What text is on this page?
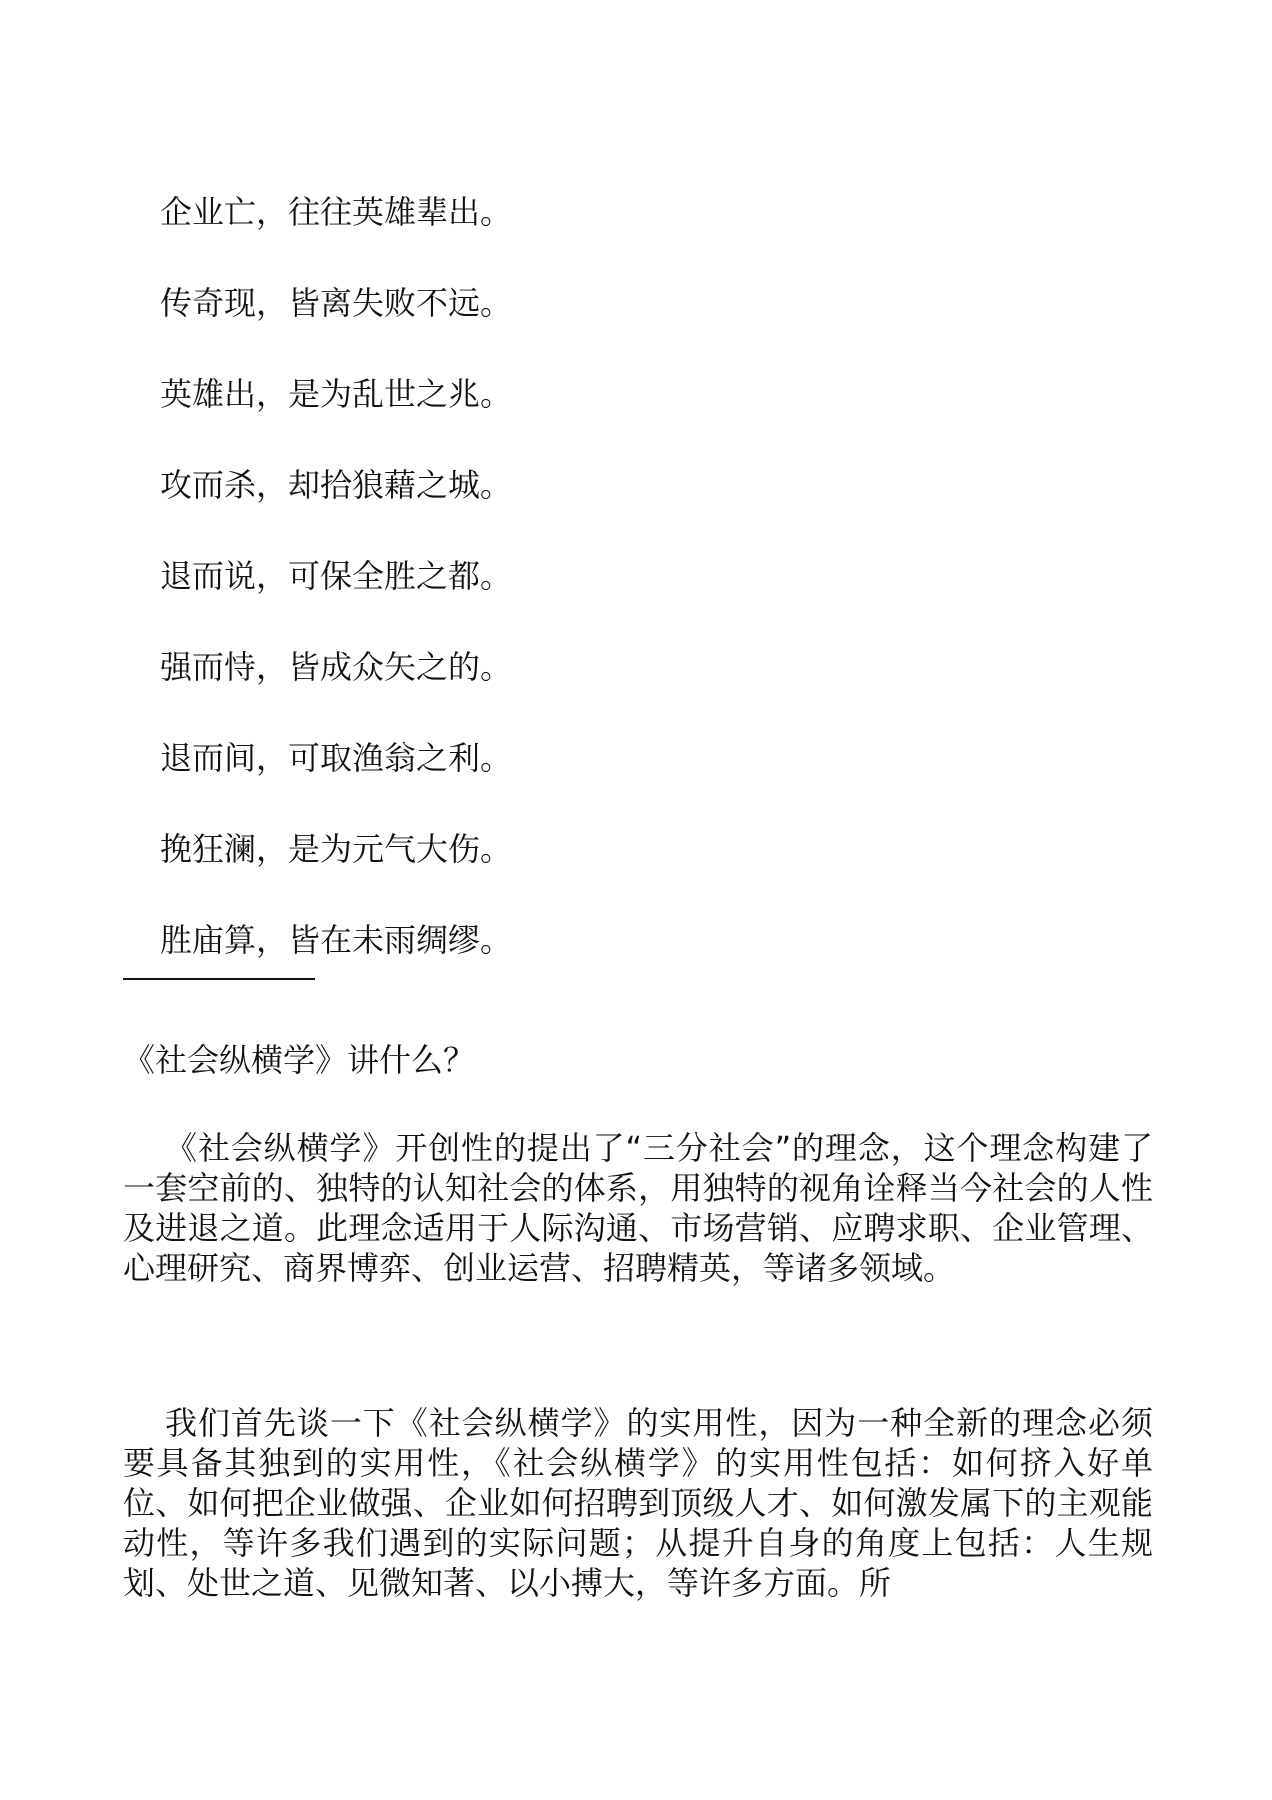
企业亡，往往英雄辈出。
传奇现，皆离失败不远。
英雄出，是为乱世之兆。
攻而杀，却拾狼藉之城。
退而说，可保全胜之都。
强而恃，皆成众矢之的。
退而间，可取渔翁之利。
挽狂澜，是为元气大伤。
胜庙算，皆在未雨绸缪。
《社会纵横学》讲什么？

《社会纵横学》开创性的提出了“三分社会”的理念，这个理念构建了一套空前的、独特的认知社会的体系，用独特的视角诠释当今社会的人性及进退之道。此理念适用于人际沟通、市场营销、应聘求职、企业管理、心理研究、商界博弈、创业运营、招聘精英，等诸多领域。

我们首先谈一下《社会纵横学》的实用性，因为一种全新的理念必须要具备其独到的实用性，《社会纵横学》的实用性包括：如何挤入好单位、如何把企业做强、企业如何招聘到顶级人才、如何激发属下的主观能动性，等许多我们遇到的实际问题；从提升自身的角度上包括：人生规划、处世之道、见微知著、以小搏大，等许多方面。所
